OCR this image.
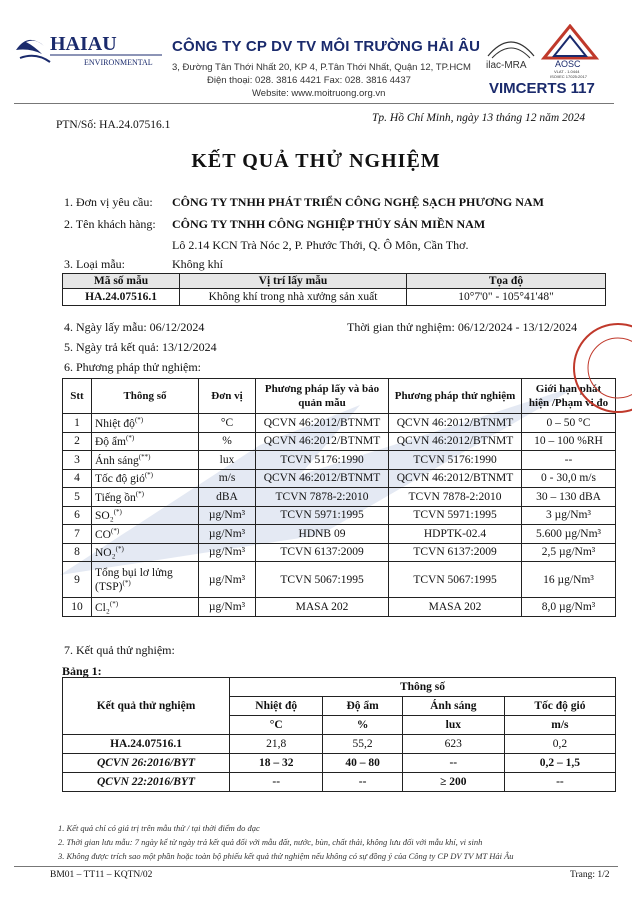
HAIAU
ENVIRONMENTAL
CÔNG TY CP DV TV MÔI TRƯỜNG HẢI ÂU
3, Đường Tân Thới Nhất 20, KP 4, P.Tân Thới Nhất, Quận 12, TP.HCM
Điện thoại: 028. 3816 4421 Fax: 028. 3816 4437
Website: www.moitruong.org.vn
ilac-MRA	AOSC
VLAT - 1.0444
ISO/IEC 17025:2017
VIMCERTS 117
PTN/Số: HA.24.07516.1
Tp. Hồ Chí Minh, ngày 13 tháng 12 năm 2024
KẾT QUẢ THỬ NGHIỆM
1. Đơn vị yêu cầu: CÔNG TY TNHH PHÁT TRIỂN CÔNG NGHỆ SẠCH PHƯƠNG NAM
2. Tên khách hàng: CÔNG TY TNHH CÔNG NGHIỆP THỦY SẢN MIỀN NAM
Lô 2.14 KCN Trà Nóc 2, P. Phước Thới, Q. Ô Môn, Cần Thơ.
3. Loại mẫu:	Không khí
Mã số mẫu	Vị trí lấy mẫu	Tọa độ
HA.24.07516.1	Không khí trong nhà xưởng sản xuất	10°7'0" - 105°41'48"
4. Ngày lấy mẫu: 06/12/2024	Thời gian thử nghiệm: 06/12/2024 - 13/12/2024
5. Ngày trả kết quả: 13/12/2024
6. Phương pháp thử nghiệm:
Stt	Thông số	Đơn vị	Phương pháp lấy và bảo quản mẫu	Phương pháp thử nghiệm	Giới hạn phát hiện /Phạm vi đo
1	Nhiệt độ(*)	°C	QCVN 46:2012/BTNMT	QCVN 46:2012/BTNMT	0 – 50 °C
2	Độ ẩm(*)	%	QCVN 46:2012/BTNMT	QCVN 46:2012/BTNMT	10 – 100 %RH
3	Ánh sáng(**)	lux	TCVN 5176:1990	TCVN 5176:1990	--
4	Tốc độ gió(*)	m/s	QCVN 46:2012/BTNMT	QCVN 46:2012/BTNMT	0 - 30,0 m/s
5	Tiếng ồn(*)	dBA	TCVN 7878-2:2010	TCVN 7878-2:2010	30 – 130 dBA
6	SO₂(*)	µg/Nm³	TCVN 5971:1995	TCVN 5971:1995	3 µg/Nm³
7	CO(*)	µg/Nm³	HDNB 09	HDPTK-02.4	5.600 µg/Nm³
8	NO₂(*)	µg/Nm³	TCVN 6137:2009	TCVN 6137:2009	2,5 µg/Nm³
9	Tổng bụi lơ lửng (TSP)(*)	µg/Nm³	TCVN 5067:1995	TCVN 5067:1995	16 µg/Nm³
10	Cl₂(*)	µg/Nm³	MASA 202	MASA 202	8,0 µg/Nm³
7. Kết quả thử nghiệm:
Bảng 1:
Kết quả thử nghiệm	Thông số			
	Nhiệt độ	Độ ẩm	Ánh sáng	Tốc độ gió
	°C	%	lux	m/s
HA.24.07516.1	21,8	55,2	623	0,2
QCVN 26:2016/BYT	18 – 32	40 – 80	--	0,2 – 1,5
QCVN 22:2016/BYT	--	--	≥ 200	--
1. Kết quả chỉ có giá trị trên mẫu thử / tại thời điểm đo đạc
2. Thời gian lưu mẫu: 7 ngày kể từ ngày trả kết quả đối với mẫu đất, nước, bùn, chất thải, không lưu đối với mẫu khí, vi sinh
3. Không được trích sao một phần hoặc toàn bộ phiếu kết quả thử nghiệm nếu không có sự đồng ý của Công ty CP DV TV MT Hải Âu
BM01 – TT11 – KQTN/02	Trang: 1/2
